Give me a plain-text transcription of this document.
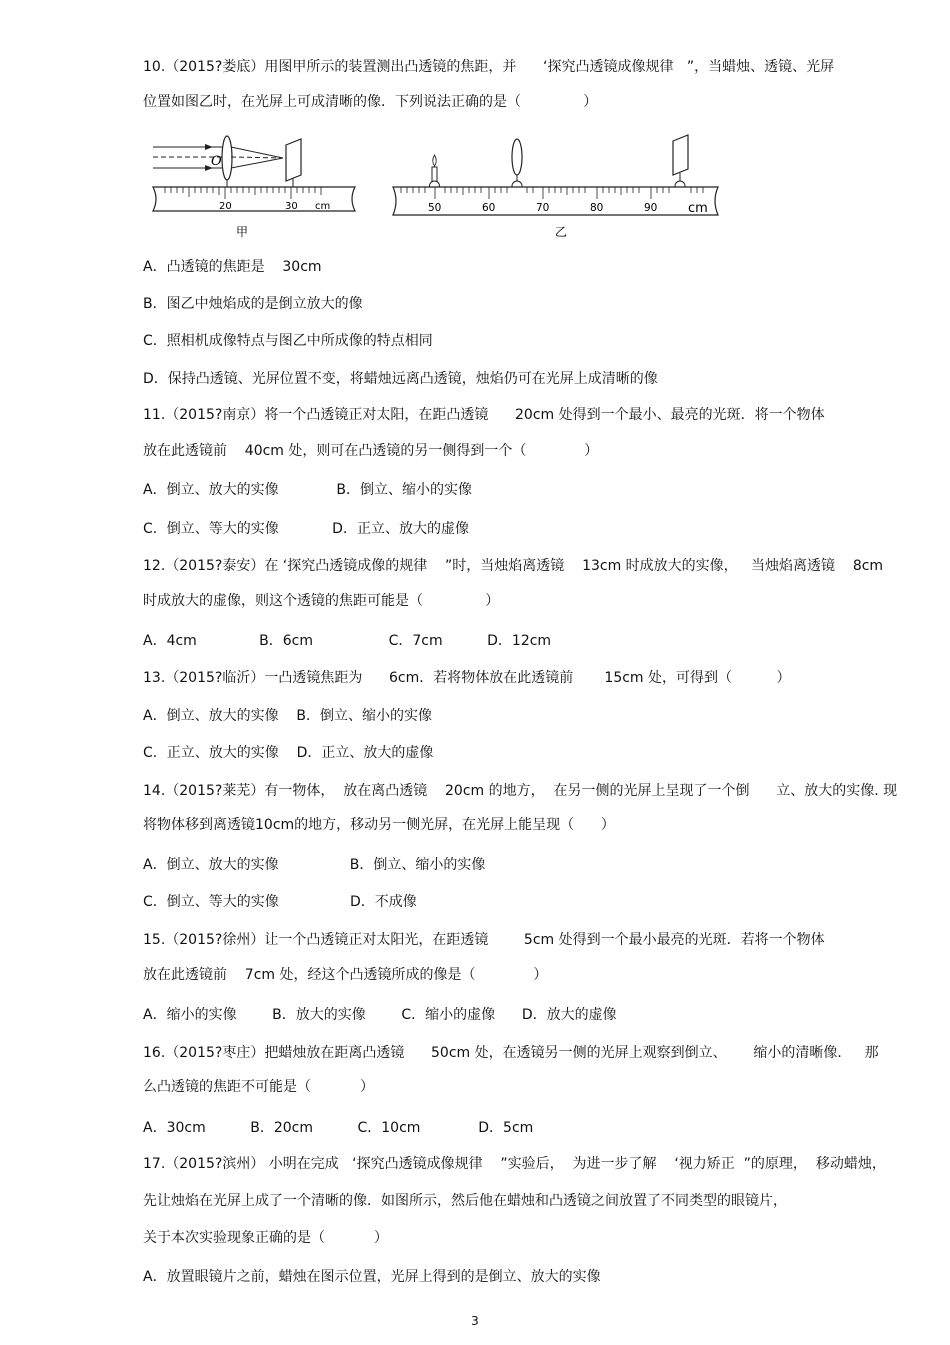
10.（2015?娄底）用图甲所示的装置测出凸透镜的焦距，并      ‘探究凸透镜成像规律   ”，当蜡烛、透镜、光屏
位置如图乙时，在光屏上可成清晰的像．下列说法正确的是（              ）
O
20	30 cm
甲
50	60	70	80	90 cm
乙
A．凸透镜的焦距是    30cm
B．图乙中烛焰成的是倒立放大的像
C．照相机成像特点与图乙中所成像的特点相同
D．保持凸透镜、光屏位置不变，将蜡烛远离凸透镜，烛焰仍可在光屏上成清晰的像
11.（2015?南京）将一个凸透镜正对太阳，在距凸透镜      20cm 处得到一个最小、最亮的光斑．将一个物体
放在此透镜前    40cm 处，则可在凸透镜的另一侧得到一个（             ）
A．倒立、放大的实像             B．倒立、缩小的实像
C．倒立、等大的实像            D．正立、放大的虚像
12.（2015?泰安）在 ‘探究凸透镜成像的规律    ”时，当烛焰离透镜    13cm 时成放大的实像，   当烛焰离透镜    8cm
时成放大的虚像，则这个透镜的焦距可能是（              ）
A．4cm              B．6cm                 C．7cm          D．12cm
13.（2015?临沂）一凸透镜焦距为      6cm．若将物体放在此透镜前       15cm 处，可得到（          ）
A．倒立、放大的实像    B．倒立、缩小的实像
C．正立、放大的实像    D．正立、放大的虚像
14.（2015?莱芜）有一物体，  放在离凸透镜    20cm 的地方，  在另一侧的光屏上呈现了一个倒      立、放大的实像. 现
将物体移到离透镜10cm的地方，移动另一侧光屏，在光屏上能呈现（      ）
A．倒立、放大的实像                B．倒立、缩小的实像
C．倒立、等大的实像                D．不成像
15.（2015?徐州）让一个凸透镜正对太阳光，在距透镜        5cm 处得到一个最小最亮的光斑．若将一个物体
放在此透镜前    7cm 处，经这个凸透镜所成的像是（             ）
A．缩小的实像        B．放大的实像        C．缩小的虚像      D．放大的虚像
16.（2015?枣庄）把蜡烛放在距离凸透镜      50cm 处，在透镜另一侧的光屏上观察到倒立、      缩小的清晰像．   那
么凸透镜的焦距不可能是（           ）
A．30cm          B．20cm          C．10cm             D．5cm
17.（2015?滨州） 小明在完成   ‘探究凸透镜成像规律    ”实验后，  为进一步了解    ‘视力矫正  ”的原理，  移动蜡烛，
先让烛焰在光屏上成了一个清晰的像．如图所示，然后他在蜡烛和凸透镜之间放置了不同类型的眼镜片，
关于本次实验现象正确的是（           ）
A．放置眼镜片之前，蜡烛在图示位置，光屏上得到的是倒立、放大的实像
3
